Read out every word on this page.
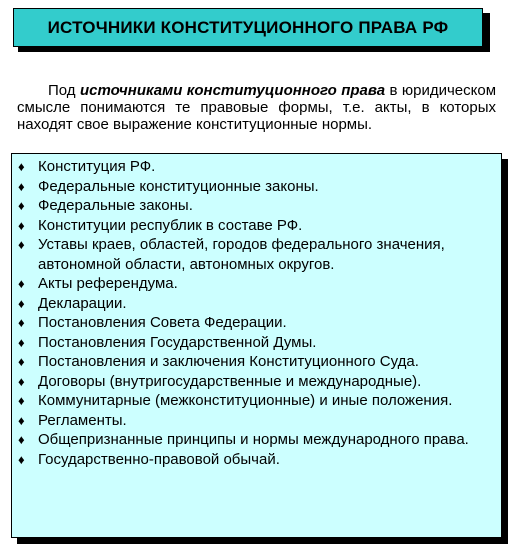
ИСТОЧНИКИ КОНСТИТУЦИОННОГО ПРАВА РФ

Под источниками конституционного права в юридическом смысле понимаются те правовые формы, т.е. акты, в которых находят свое выражение конституционные нормы.

♦ Конституция РФ.
♦ Федеральные конституционные законы.
♦ Федеральные законы.
♦ Конституции республик в составе РФ.
♦ Уставы краев, областей, городов федерального значения, автономной области, автономных округов.
♦ Акты референдума.
♦ Декларации.
♦ Постановления Совета Федерации.
♦ Постановления Государственной Думы.
♦ Постановления и заключения Конституционного Суда.
♦ Договоры (внутригосударственные и международные).
♦ Коммунитарные (межконституционные) и иные положения.
♦ Регламенты.
♦ Общепризнанные принципы и нормы международного права.
♦ Государственно-правовой обычай.
